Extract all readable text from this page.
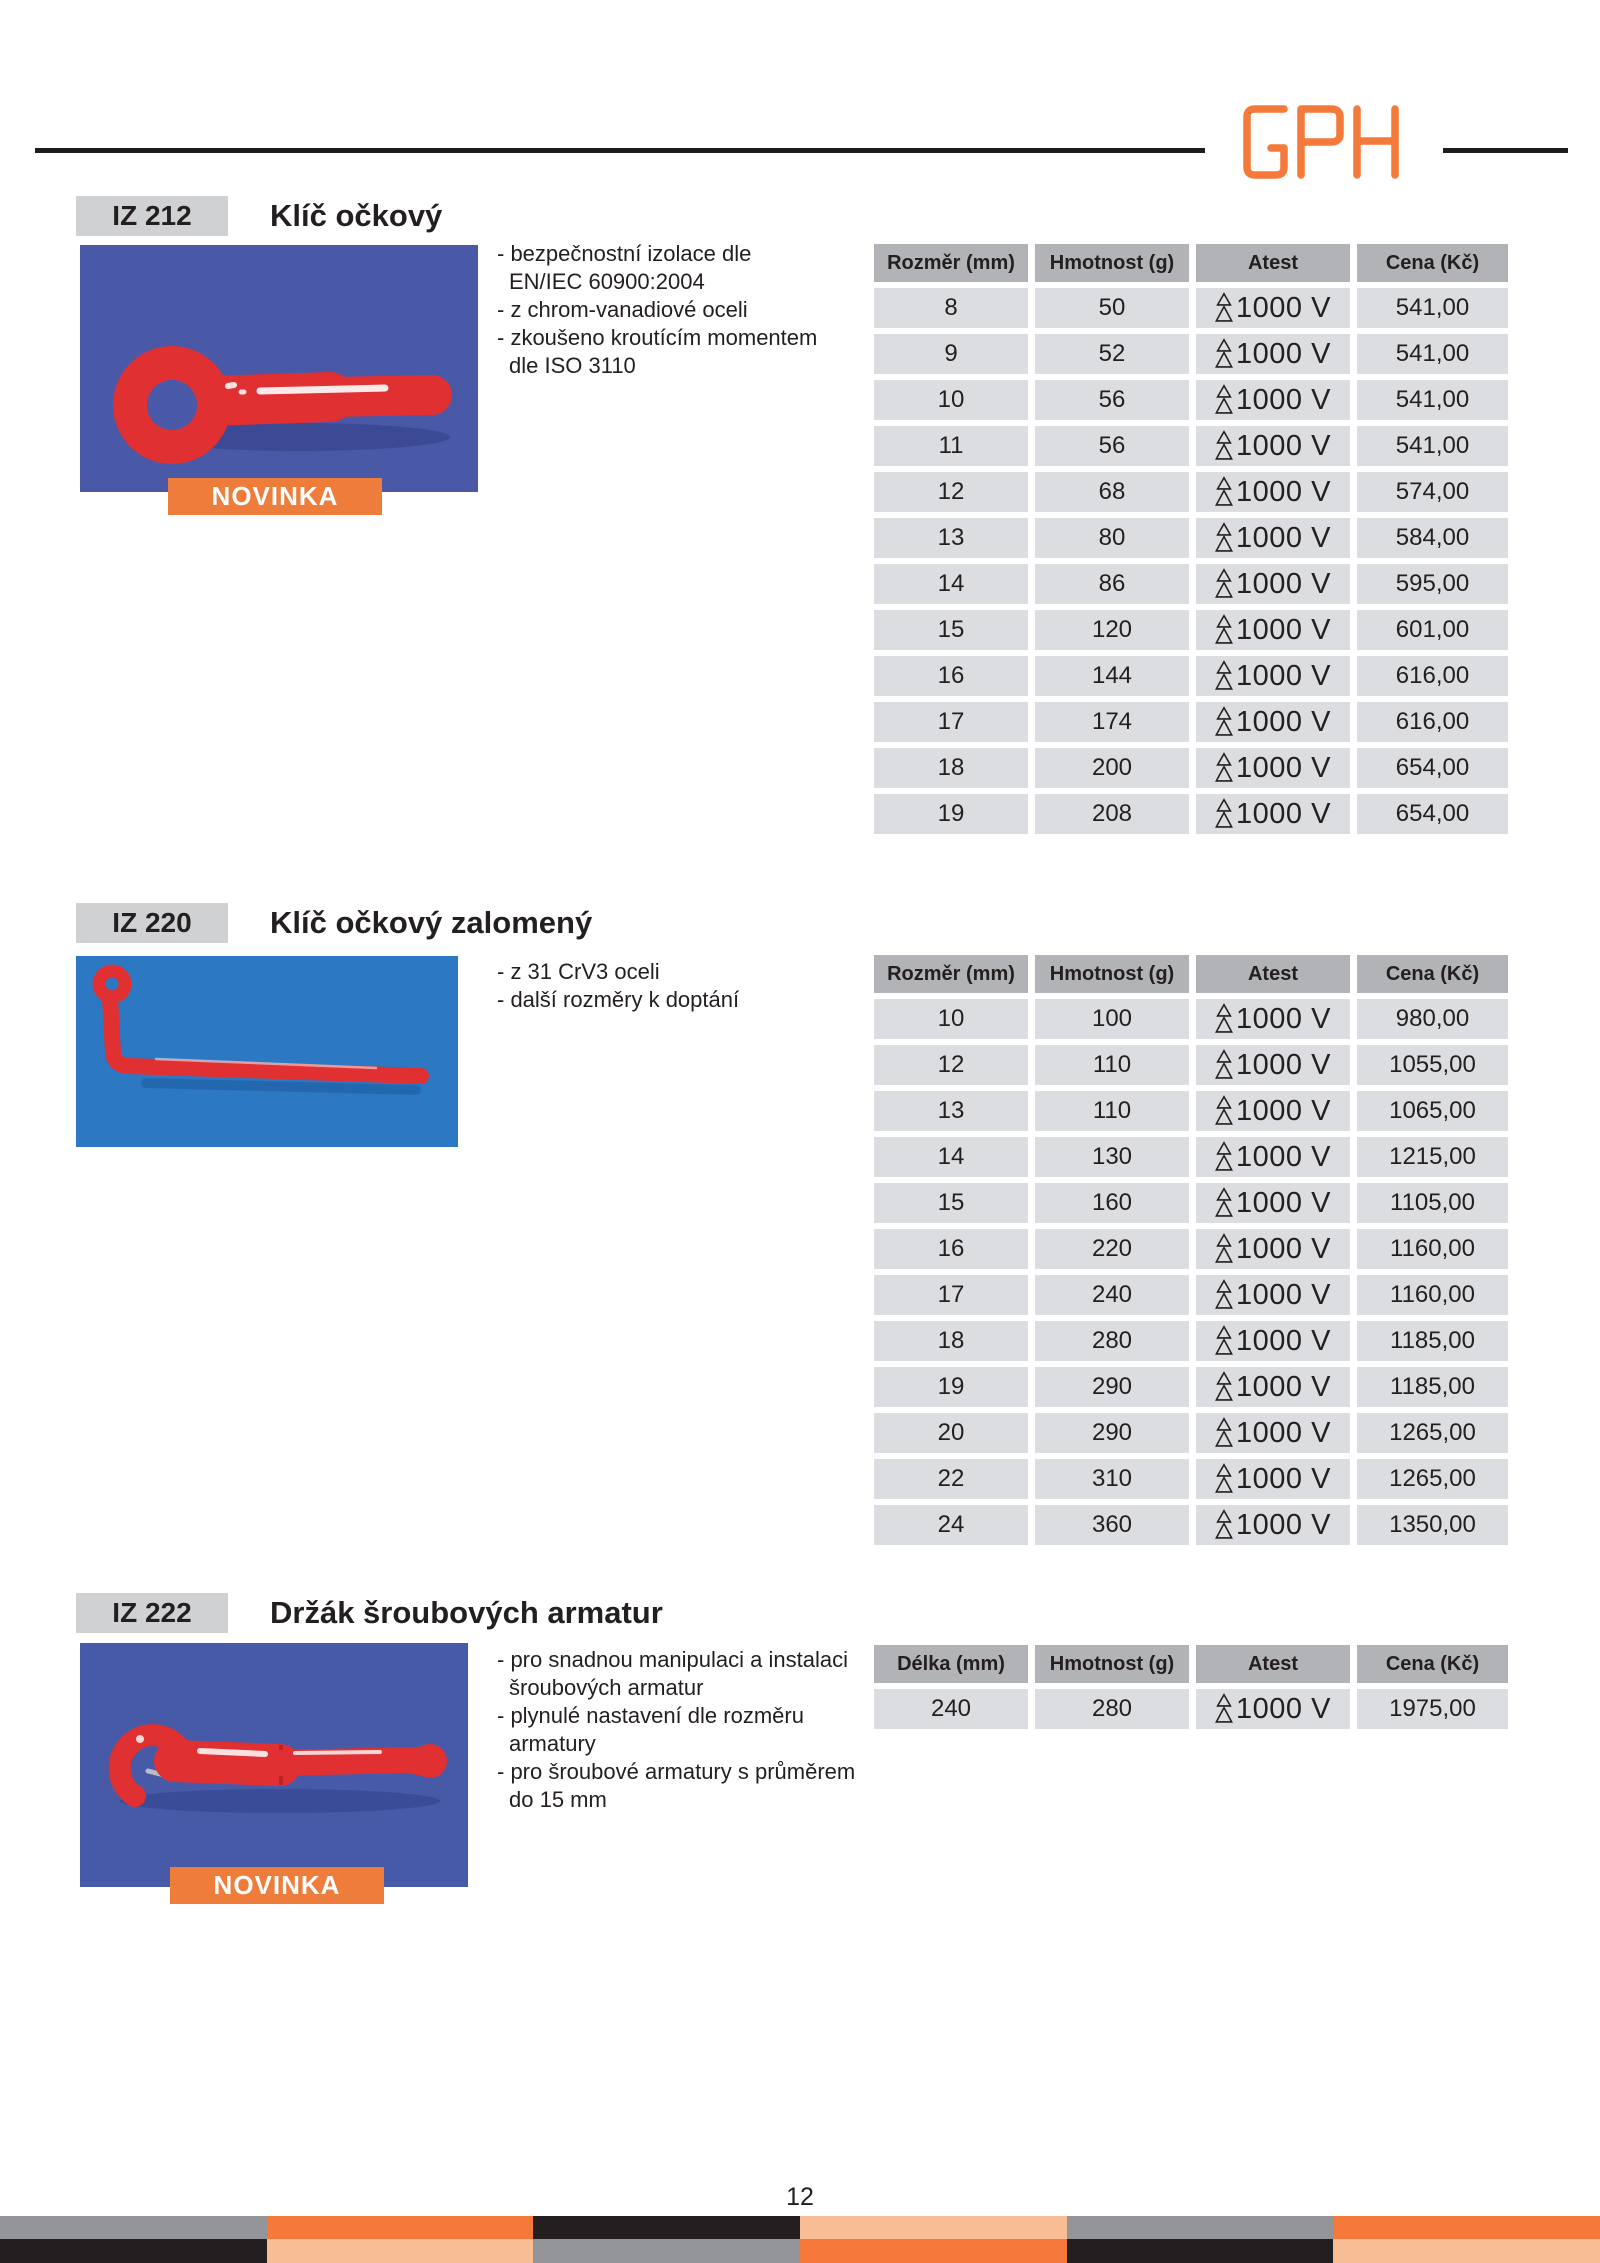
IZ 212	Klíč očkový
NOVINKA
- bezpečnostní izolace dle
EN/IEC 60900:2004
- z chrom-vanadiové oceli
- zkoušeno kroutícím momentem
dle ISO 3110
Rozměr (mm)	Hmotnost (g)	Atest	Cena (Kč)
8	50	1000 V	541,00
9	52	1000 V	541,00
10	56	1000 V	541,00
11	56	1000 V	541,00
12	68	1000 V	574,00
13	80	1000 V	584,00
14	86	1000 V	595,00
15	120	1000 V	601,00
16	144	1000 V	616,00
17	174	1000 V	616,00
18	200	1000 V	654,00
19	208	1000 V	654,00
IZ 220	Klíč očkový zalomený
- z 31 CrV3 oceli
- další rozměry k doptání
Rozměr (mm)	Hmotnost (g)	Atest	Cena (Kč)
10	100	1000 V	980,00
12	110	1000 V	1055,00
13	110	1000 V	1065,00
14	130	1000 V	1215,00
15	160	1000 V	1105,00
16	220	1000 V	1160,00
17	240	1000 V	1160,00
18	280	1000 V	1185,00
19	290	1000 V	1185,00
20	290	1000 V	1265,00
22	310	1000 V	1265,00
24	360	1000 V	1350,00
IZ 222	Držák šroubových armatur
NOVINKA
- pro snadnou manipulaci a instalaci
šroubových armatur
- plynulé nastavení dle rozměru
armatury
- pro šroubové armatury s průměrem
do 15 mm
Délka (mm)	Hmotnost (g)	Atest	Cena (Kč)
240	280	1000 V	1975,00
12
